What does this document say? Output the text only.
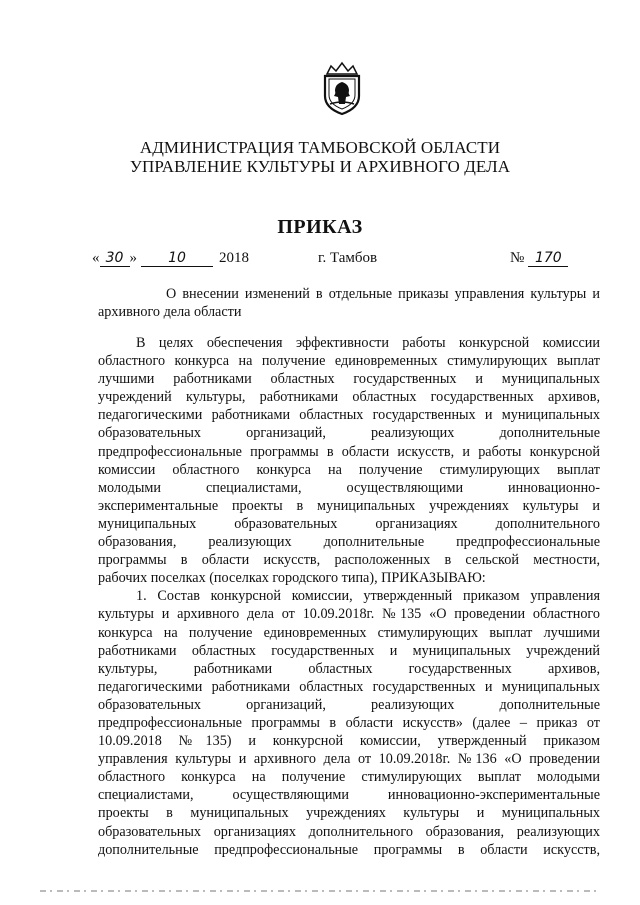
АДМИНИСТРАЦИЯ ТАМБОВСКОЙ ОБЛАСТИ
УПРАВЛЕНИЕ КУЛЬТУРЫ И АРХИВНОГО ДЕЛА
ПРИКАЗ
« 30 » 10 2018	г. Тамбов	№ 170
О внесении изменений в отдельные приказы управления культуры и
архивного дела области
В целях обеспечения эффективности работы конкурсной комиссии
областного конкурса на получение единовременных стимулирующих выплат
лучшими работниками областных государственных и муниципальных
учреждений культуры, работниками областных государственных архивов,
педагогическими работниками областных государственных и муниципальных
образовательных организаций, реализующих дополнительные
предпрофессиональные программы в области искусств, и работы конкурсной
комиссии областного конкурса на получение стимулирующих выплат
молодыми специалистами, осуществляющими инновационно-
экспериментальные проекты в муниципальных учреждениях культуры и
муниципальных образовательных организациях дополнительного
образования, реализующих дополнительные предпрофессиональные
программы в области искусств, расположенных в сельской местности,
рабочих поселках (поселках городского типа), ПРИКАЗЫВАЮ:
1. Состав конкурсной комиссии, утвержденный приказом управления
культуры и архивного дела от 10.09.2018г. №135 «О проведении областного
конкурса на получение единовременных стимулирующих выплат лучшими
работниками областных государственных и муниципальных учреждений
культуры, работниками областных государственных архивов,
педагогическими работниками областных государственных и муниципальных
образовательных организаций, реализующих дополнительные
предпрофессиональные программы в области искусств» (далее – приказ от
10.09.2018 №135) и конкурсной комиссии, утвержденный приказом
управления культуры и архивного дела от 10.09.2018г. №136 «О проведении
областного конкурса на получение стимулирующих выплат молодыми
специалистами, осуществляющими инновационно-экспериментальные
проекты в муниципальных учреждениях культуры и муниципальных
образовательных организациях дополнительного образования, реализующих
дополнительные предпрофессиональные программы в области искусств,
